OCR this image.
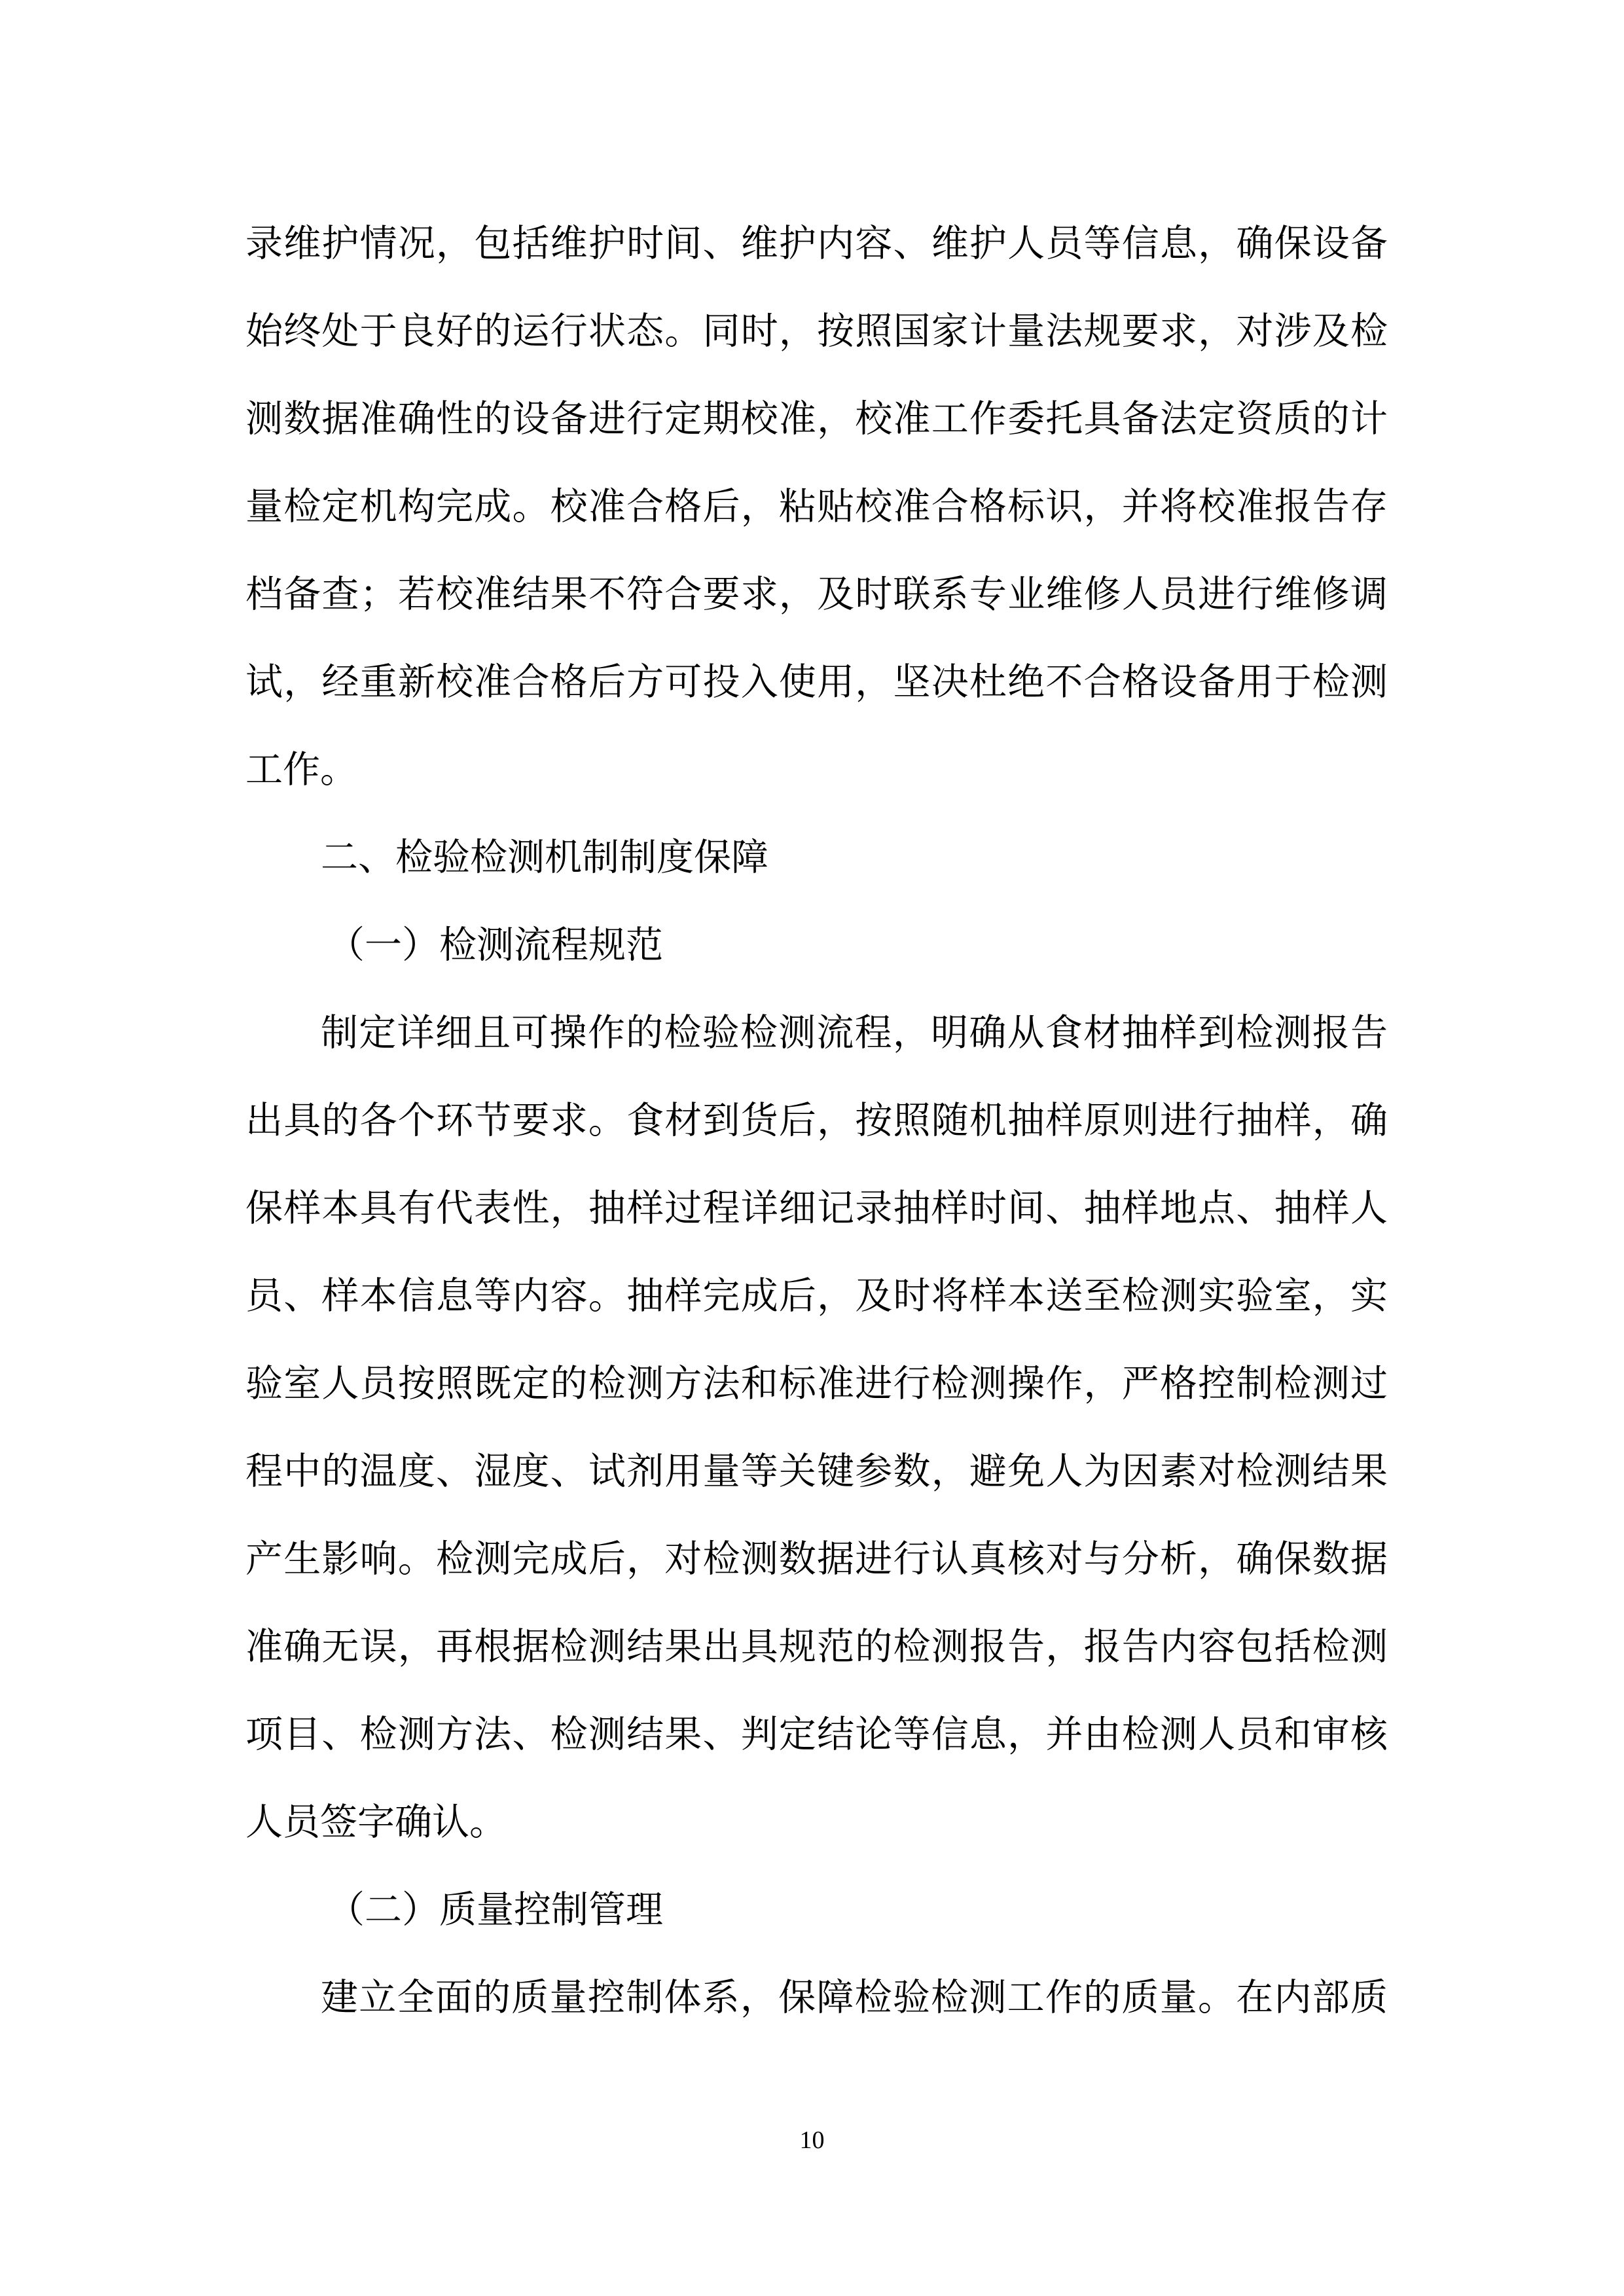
录维护情况，包括维护时间、维护内容、维护人员等信息，确保设备
始终处于良好的运行状态。同时，按照国家计量法规要求，对涉及检
测数据准确性的设备进行定期校准，校准工作委托具备法定资质的计
量检定机构完成。校准合格后，粘贴校准合格标识，并将校准报告存
档备查；若校准结果不符合要求，及时联系专业维修人员进行维修调
试，经重新校准合格后方可投入使用，坚决杜绝不合格设备用于检测
工作。
二、检验检测机制制度保障
（一）检测流程规范
制定详细且可操作的检验检测流程，明确从食材抽样到检测报告
出具的各个环节要求。食材到货后，按照随机抽样原则进行抽样，确
保样本具有代表性，抽样过程详细记录抽样时间、抽样地点、抽样人
员、样本信息等内容。抽样完成后，及时将样本送至检测实验室，实
验室人员按照既定的检测方法和标准进行检测操作，严格控制检测过
程中的温度、湿度、试剂用量等关键参数，避免人为因素对检测结果
产生影响。检测完成后，对检测数据进行认真核对与分析，确保数据
准确无误，再根据检测结果出具规范的检测报告，报告内容包括检测
项目、检测方法、检测结果、判定结论等信息，并由检测人员和审核
人员签字确认。
（二）质量控制管理
建立全面的质量控制体系，保障检验检测工作的质量。在内部质
10
